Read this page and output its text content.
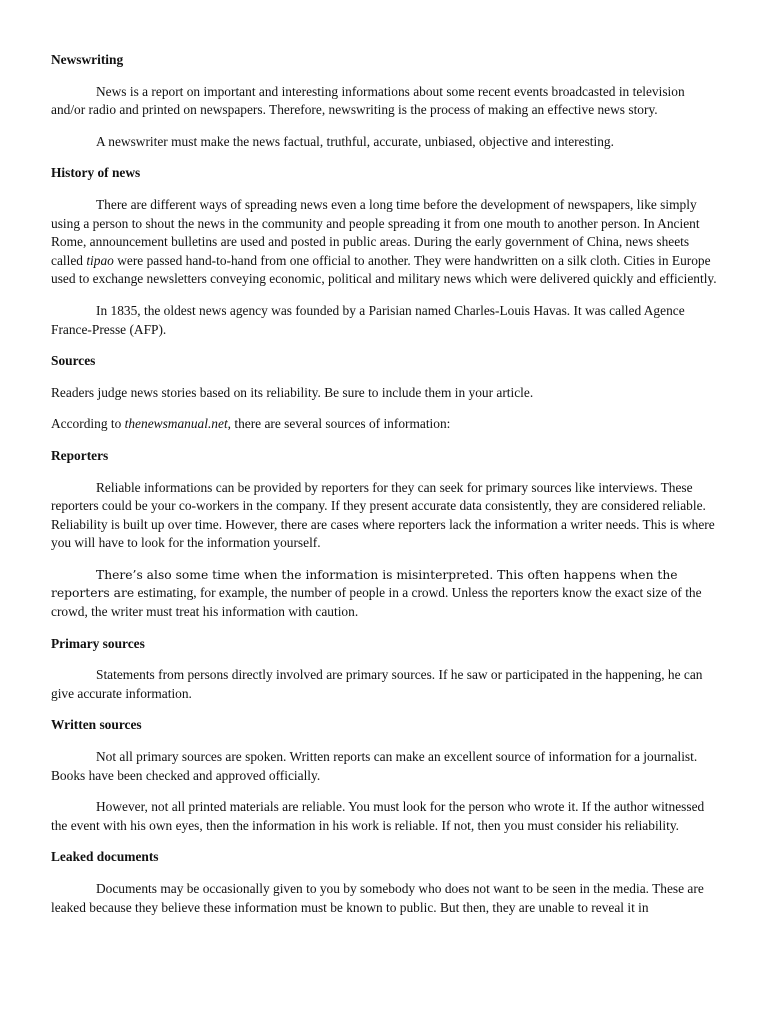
Newswriting

News is a report on important and interesting informations about some recent events broadcasted in television and/or radio and printed on newspapers. Therefore, newswriting is the process of making an effective news story.

A newswriter must make the news factual, truthful, accurate, unbiased, objective and interesting.

History of news

There are different ways of spreading news even a long time before the development of newspapers, like simply using a person to shout the news in the community and people spreading it from one mouth to another person. In Ancient Rome, announcement bulletins are used and posted in public areas. During the early government of China, news sheets called tipao were passed hand-to-hand from one official to another. They were handwritten on a silk cloth. Cities in Europe used to exchange newsletters conveying economic, political and military news which were delivered quickly and efficiently.

In 1835, the oldest news agency was founded by a Parisian named Charles-Louis Havas. It was called Agence France-Presse (AFP).

Sources

Readers judge news stories based on its reliability. Be sure to include them in your article.

According to thenewsmanual.net, there are several sources of information:

Reporters

Reliable informations can be provided by reporters for they can seek for primary sources like interviews. These reporters could be your co-workers in the company. If they present accurate data consistently, they are considered reliable. Reliability is built up over time. However, there are cases where reporters lack the information a writer needs. This is where you will have to look for the information yourself.

There’s also some time when the information is misinterpreted. This often happens when the reporters are estimating, for example, the number of people in a crowd. Unless the reporters know the exact size of the crowd, the writer must treat his information with caution.

Primary sources

Statements from persons directly involved are primary sources. If he saw or participated in the happening, he can give accurate information.

Written sources

Not all primary sources are spoken. Written reports can make an excellent source of information for a journalist. Books have been checked and approved officially.

However, not all printed materials are reliable. You must look for the person who wrote it. If the author witnessed the event with his own eyes, then the information in his work is reliable. If not, then you must consider his reliability.

Leaked documents

Documents may be occasionally given to you by somebody who does not want to be seen in the media. These are leaked because they believe these information must be known to public. But then, they are unable to reveal it in
